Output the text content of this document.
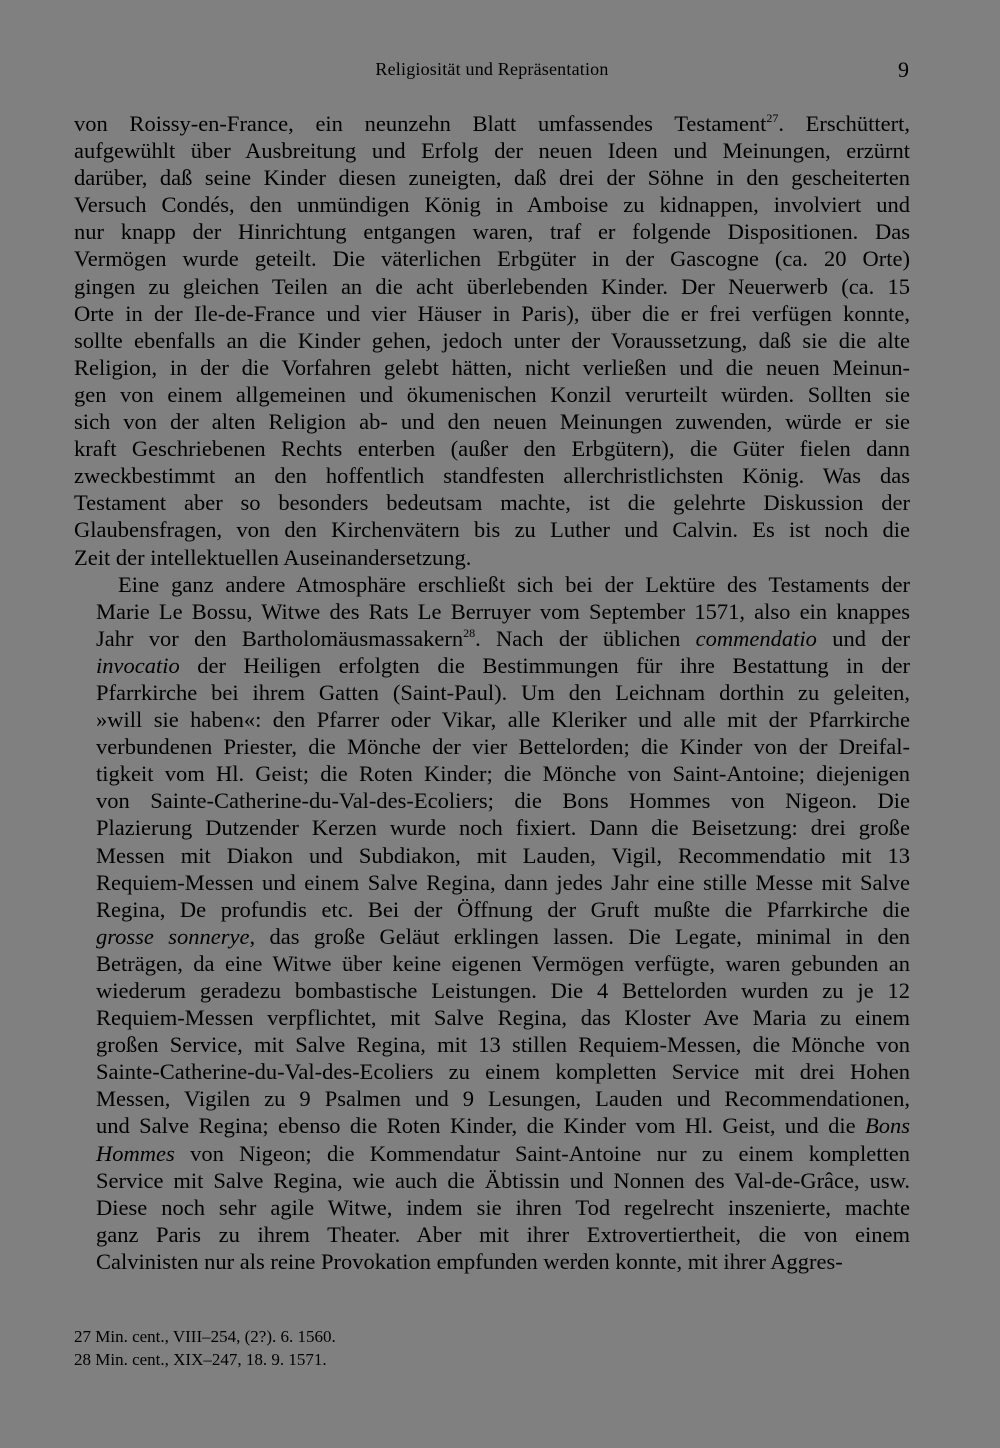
Religiosität und Repräsentation	9

von Roissy-en-France, ein neunzehn Blatt umfassendes Testament$^{27}$. Erschüttert,
aufgewühlt über Ausbreitung und Erfolg der neuen Ideen und Meinungen, erzürnt
darüber, daß seine Kinder diesen zuneigten, daß drei der Söhne in den gescheiterten
Versuch Condés, den unmündigen König in Amboise zu kidnappen, involviert und
nur knapp der Hinrichtung entgangen waren, traf er folgende Dispositionen. Das
Vermögen wurde geteilt. Die väterlichen Erbgüter in der Gascogne (ca. 20 Orte)
gingen zu gleichen Teilen an die acht überlebenden Kinder. Der Neuerwerb (ca. 15
Orte in der Ile-de-France und vier Häuser in Paris), über die er frei verfügen konnte,
sollte ebenfalls an die Kinder gehen, jedoch unter der Voraussetzung, daß sie die alte
Religion, in der die Vorfahren gelebt hätten, nicht verließen und die neuen Meinun-
gen von einem allgemeinen und ökumenischen Konzil verurteilt würden. Sollten sie
sich von der alten Religion ab- und den neuen Meinungen zuwenden, würde er sie
kraft Geschriebenen Rechts enterben (außer den Erbgütern), die Güter fielen dann
zweckbestimmt an den hoffentlich standfesten allerchristlichsten König. Was das
Testament aber so besonders bedeutsam machte, ist die gelehrte Diskussion der
Glaubensfragen, von den Kirchenvätern bis zu Luther und Calvin. Es ist noch die
Zeit der intellektuellen Auseinandersetzung.

Eine ganz andere Atmosphäre erschließt sich bei der Lektüre des Testaments der
Marie Le Bossu, Witwe des Rats Le Berruyer vom September 1571, also ein knappes
Jahr vor den Bartholomäusmassakern$^{28}$. Nach der üblichen commendatio und der
invocatio der Heiligen erfolgten die Bestimmungen für ihre Bestattung in der
Pfarrkirche bei ihrem Gatten (Saint-Paul). Um den Leichnam dorthin zu geleiten,
»will sie haben«: den Pfarrer oder Vikar, alle Kleriker und alle mit der Pfarrkirche
verbundenen Priester, die Mönche der vier Bettelorden; die Kinder von der Dreifal-
tigkeit vom Hl. Geist; die Roten Kinder; die Mönche von Saint-Antoine; diejenigen
von Sainte-Catherine-du-Val-des-Ecoliers; die Bons Hommes von Nigeon. Die
Plazierung Dutzender Kerzen wurde noch fixiert. Dann die Beisetzung: drei große
Messen mit Diakon und Subdiakon, mit Lauden, Vigil, Recommendatio mit 13
Requiem-Messen und einem Salve Regina, dann jedes Jahr eine stille Messe mit Salve
Regina, De profundis etc. Bei der Öffnung der Gruft mußte die Pfarrkirche die
grosse sonnerye, das große Geläut erklingen lassen. Die Legate, minimal in den
Beträgen, da eine Witwe über keine eigenen Vermögen verfügte, waren gebunden an
wiederum geradezu bombastische Leistungen. Die 4 Bettelorden wurden zu je 12
Requiem-Messen verpflichtet, mit Salve Regina, das Kloster Ave Maria zu einem
großen Service, mit Salve Regina, mit 13 stillen Requiem-Messen, die Mönche von
Sainte-Catherine-du-Val-des-Ecoliers zu einem kompletten Service mit drei Hohen
Messen, Vigilen zu 9 Psalmen und 9 Lesungen, Lauden und Recommendationen,
und Salve Regina; ebenso die Roten Kinder, die Kinder vom Hl. Geist, und die Bons
Hommes von Nigeon; die Kommendatur Saint-Antoine nur zu einem kompletten
Service mit Salve Regina, wie auch die Äbtissin und Nonnen des Val-de-Grâce, usw.
Diese noch sehr agile Witwe, indem sie ihren Tod regelrecht inszenierte, machte
ganz Paris zu ihrem Theater. Aber mit ihrer Extrovertiertheit, die von einem
Calvinisten nur als reine Provokation empfunden werden konnte, mit ihrer Aggres-

27 Min. cent., VIII–254, (2?). 6. 1560.
28 Min. cent., XIX–247, 18. 9. 1571.
